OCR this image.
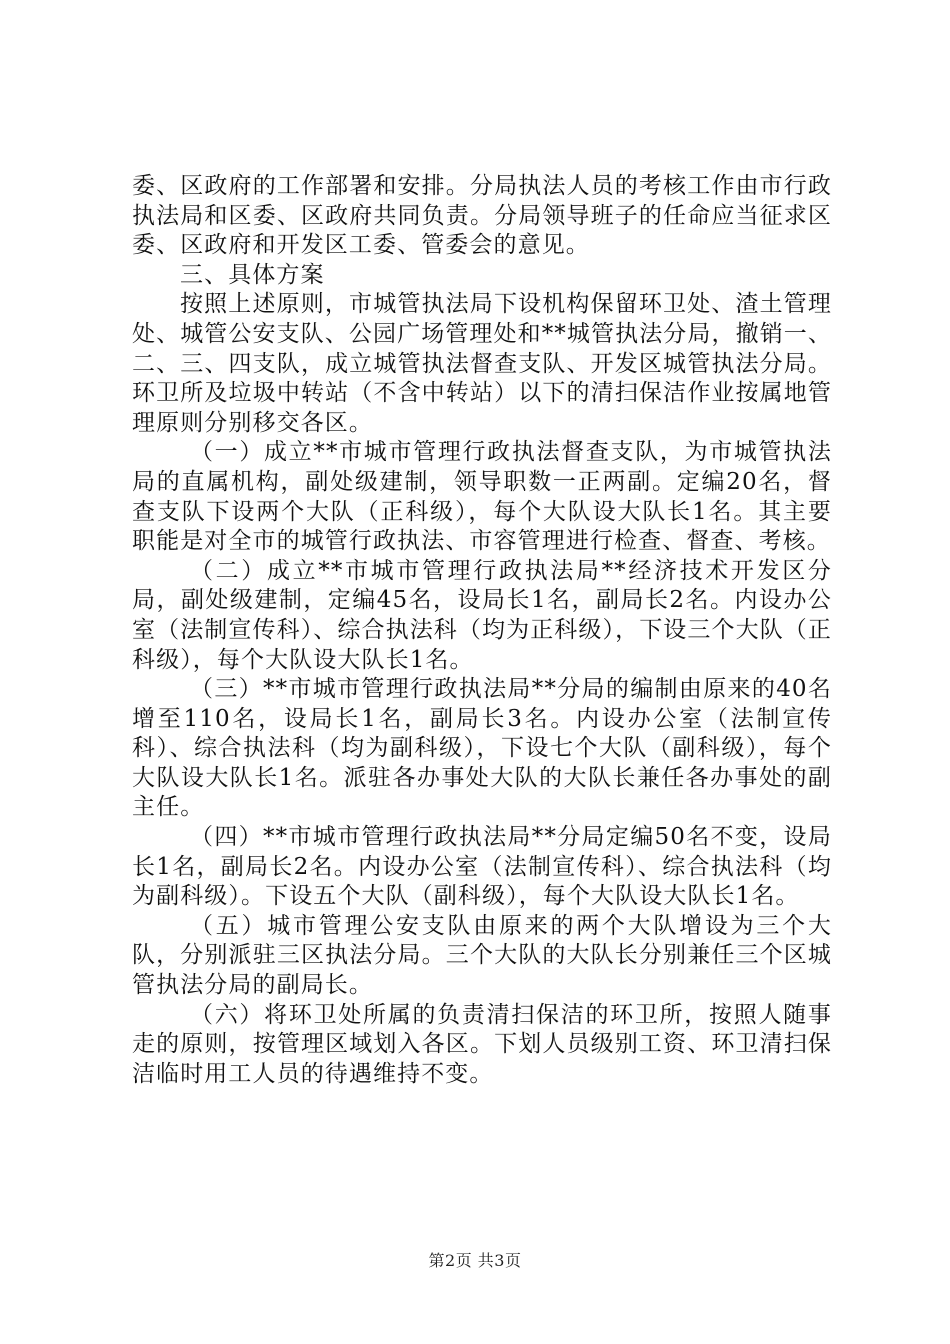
委、区政府的工作部署和安排。分局执法人员的考核工作由市行政执法局和区委、区政府共同负责。分局领导班子的任命应当征求区委、区政府和开发区工委、管委会的意见。

三、具体方案

按照上述原则，市城管执法局下设机构保留环卫处、渣土管理处、城管公安支队、公园广场管理处和**城管执法分局，撤销一、二、三、四支队，成立城管执法督查支队、开发区城管执法分局。环卫所及垃圾中转站（不含中转站）以下的清扫保洁作业按属地管理原则分别移交各区。

（一）成立**市城市管理行政执法督查支队，为市城管执法局的直属机构，副处级建制，领导职数一正两副。定编20名，督查支队下设两个大队（正科级），每个大队设大队长1名。其主要职能是对全市的城管行政执法、市容管理进行检查、督查、考核。

（二）成立**市城市管理行政执法局**经济技术开发区分局，副处级建制，定编45名，设局长1名，副局长2名。内设办公室（法制宣传科）、综合执法科（均为正科级），下设三个大队（正科级），每个大队设大队长1名。

（三）**市城市管理行政执法局**分局的编制由原来的40名增至110名，设局长1名，副局长3名。内设办公室（法制宣传科）、综合执法科（均为副科级），下设七个大队（副科级），每个大队设大队长1名。派驻各办事处大队的大队长兼任各办事处的副主任。

（四）**市城市管理行政执法局**分局定编50名不变，设局长1名，副局长2名。内设办公室（法制宣传科）、综合执法科（均为副科级）。下设五个大队（副科级），每个大队设大队长1名。

（五）城市管理公安支队由原来的两个大队增设为三个大队，分别派驻三区执法分局。三个大队的大队长分别兼任三个区城管执法分局的副局长。

（六）将环卫处所属的负责清扫保洁的环卫所，按照人随事走的原则，按管理区域划入各区。下划人员级别工资、环卫清扫保洁临时用工人员的待遇维持不变。

第2页 共3页
